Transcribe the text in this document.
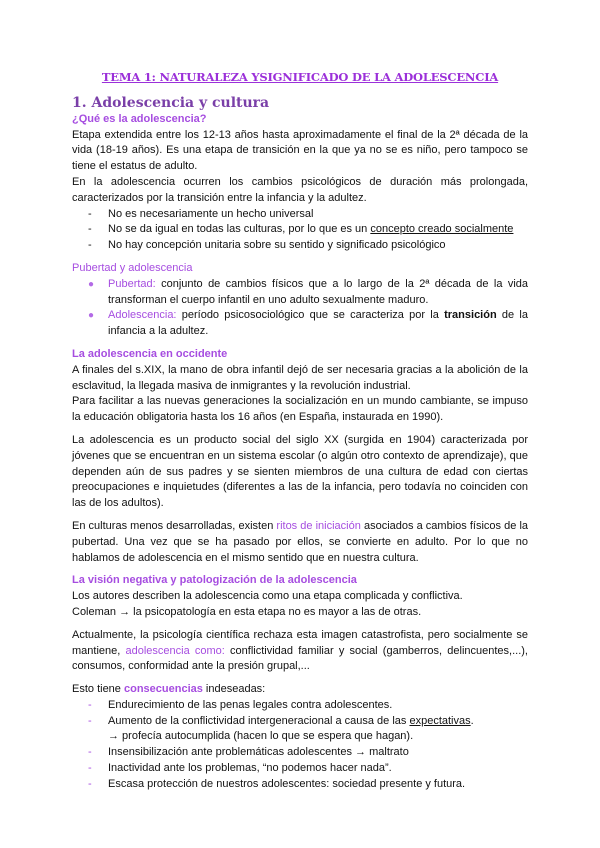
TEMA 1: NATURALEZA YSIGNIFICADO DE LA ADOLESCENCIA
1. Adolescencia y cultura
¿Qué es la adolescencia?

Etapa extendida entre los 12-13 años hasta aproximadamente el final de la 2ª década de la vida (18-19 años). Es una etapa de transición en la que ya no se es niño, pero tampoco se tiene el estatus de adulto.

En la adolescencia ocurren los cambios psicológicos de duración más prolongada, caracterizados por la transición entre la infancia y la adultez.

- No es necesariamente un hecho universal
- No se da igual en todas las culturas, por lo que es un concepto creado socialmente
- No hay concepción unitaria sobre su sentido y significado psicológico
Pubertad y adolescencia
● Pubertad: conjunto de cambios físicos que a lo largo de la 2ª década de la vida transforman el cuerpo infantil en uno adulto sexualmente maduro.
● Adolescencia: período psicosociológico que se caracteriza por la transición de la infancia a la adultez.
La adolescencia en occidente

A finales del s.XIX, la mano de obra infantil dejó de ser necesaria gracias a la abolición de la esclavitud, la llegada masiva de inmigrantes y la revolución industrial.

Para facilitar a las nuevas generaciones la socialización en un mundo cambiante, se impuso la educación obligatoria hasta los 16 años (en España, instaurada en 1990).

La adolescencia es un producto social del siglo XX (surgida en 1904) caracterizada por jóvenes que se encuentran en un sistema escolar (o algún otro contexto de aprendizaje), que dependen aún de sus padres y se sienten miembros de una cultura de edad con ciertas preocupaciones e inquietudes (diferentes a las de la infancia, pero todavía no coinciden con las de los adultos).

En culturas menos desarrolladas, existen ritos de iniciación asociados a cambios físicos de la pubertad. Una vez que se ha pasado por ellos, se convierte en adulto. Por lo que no hablamos de adolescencia en el mismo sentido que en nuestra cultura.

La visión negativa y patologización de la adolescencia

Los autores describen la adolescencia como una etapa complicada y conflictiva.

Coleman → la psicopatología en esta etapa no es mayor a las de otras.

Actualmente, la psicología científica rechaza esta imagen catastrofista, pero socialmente se mantiene, adolescencia como: conflictividad familiar y social (gamberros, delincuentes,...), consumos, conformidad ante la presión grupal,...

Esto tiene consecuencias indeseadas:

- Endurecimiento de las penas legales contra adolescentes.
- Aumento de la conflictividad intergeneracional a causa de las expectativas.
→ profecía autocumplida (hacen lo que se espera que hagan).
- Insensibilización ante problemáticas adolescentes → maltrato
- Inactividad ante los problemas, “no podemos hacer nada”.
- Escasa protección de nuestros adolescentes: sociedad presente y futura.
